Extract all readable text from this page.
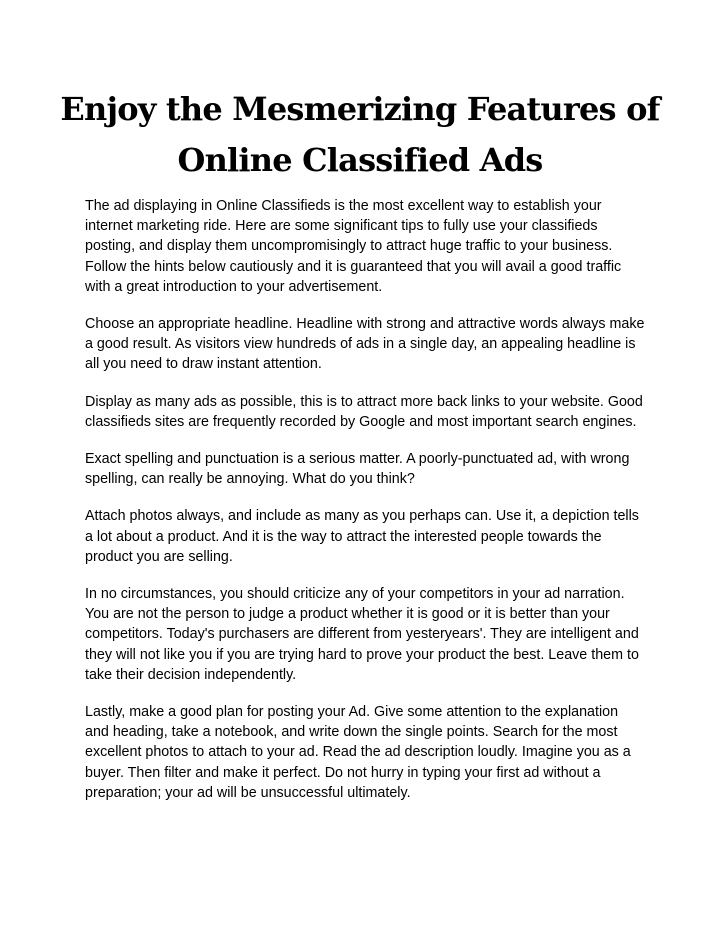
Enjoy the Mesmerizing Features of Online Classified Ads

The ad displaying in Online Classifieds is the most excellent way to establish your internet marketing ride. Here are some significant tips to fully use your classifieds posting, and display them uncompromisingly to attract huge traffic to your business. Follow the hints below cautiously and it is guaranteed that you will avail a good traffic with a great introduction to your advertisement.

Choose an appropriate headline. Headline with strong and attractive words always make a good result. As visitors view hundreds of ads in a single day, an appealing headline is all you need to draw instant attention.

Display as many ads as possible, this is to attract more back links to your website. Good classifieds sites are frequently recorded by Google and most important search engines.

Exact spelling and punctuation is a serious matter. A poorly-punctuated ad, with wrong spelling, can really be annoying. What do you think?

Attach photos always, and include as many as you perhaps can. Use it, a depiction tells a lot about a product. And it is the way to attract the interested people towards the product you are selling.

In no circumstances, you should criticize any of your competitors in your ad narration. You are not the person to judge a product whether it is good or it is better than your competitors. Today's purchasers are different from yesteryears'. They are intelligent and they will not like you if you are trying hard to prove your product the best. Leave them to take their decision independently.

Lastly, make a good plan for posting your Ad. Give some attention to the explanation and heading, take a notebook, and write down the single points. Search for the most excellent photos to attach to your ad. Read the ad description loudly. Imagine you as a buyer. Then filter and make it perfect. Do not hurry in typing your first ad without a preparation; your ad will be unsuccessful ultimately.
